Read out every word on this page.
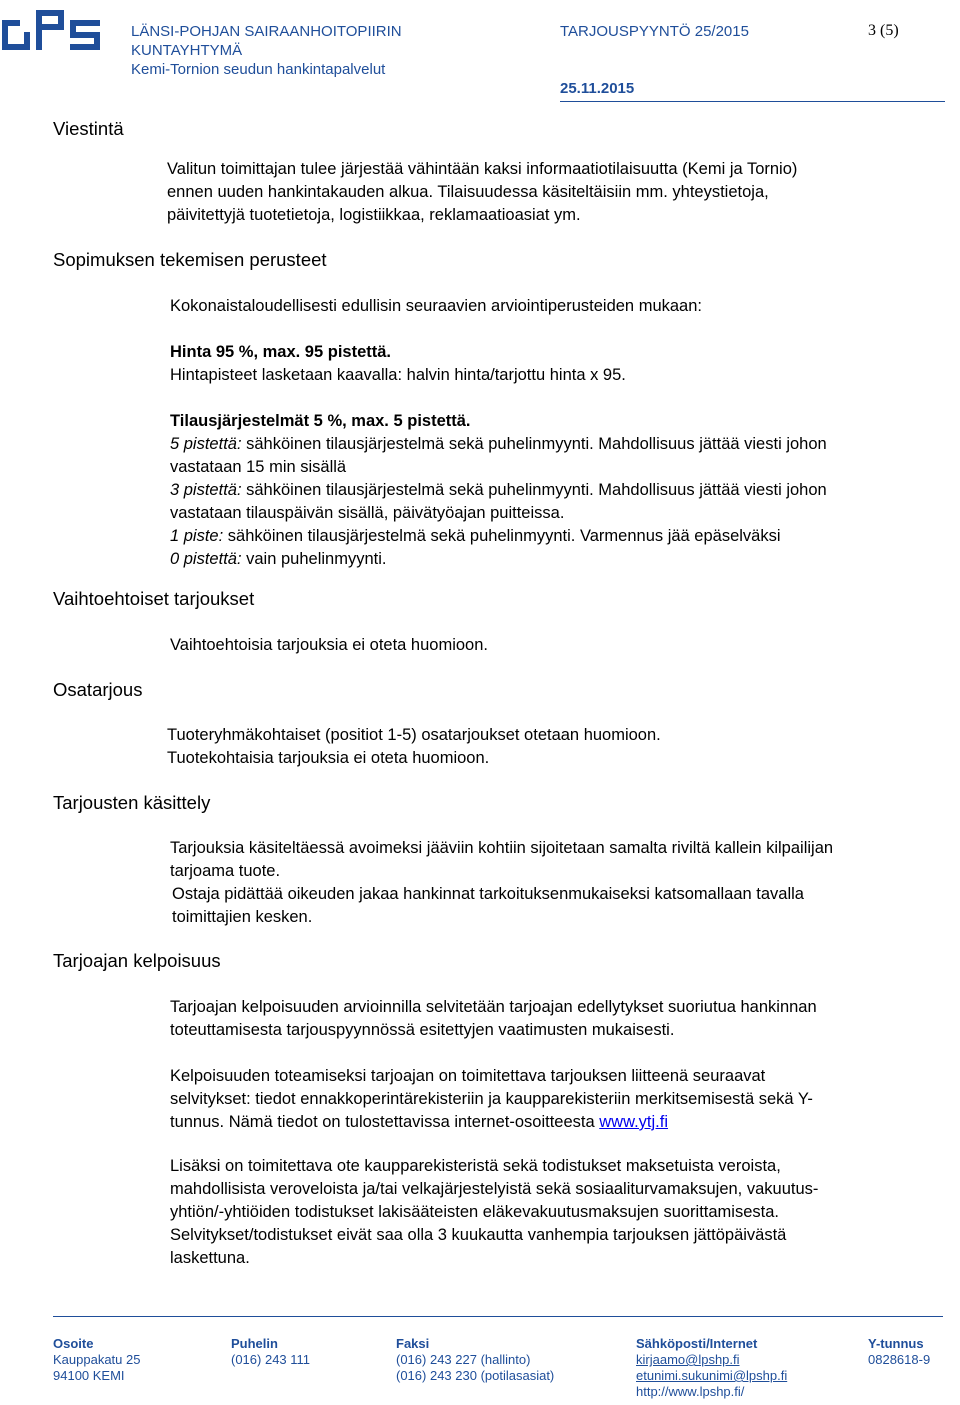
LÄNSI-POHJAN SAIRAANHOITOPIIRIN
KUNTAYHTYMÄ
Kemi-Tornion seudun hankintapalvelut
TARJOUSPYYNTÖ 25/2015	3 (5)
25.11.2015
Viestintä
Valitun toimittajan tulee järjestää vähintään kaksi informaatiotilaisuutta (Kemi ja Tornio)
ennen uuden hankintakauden alkua. Tilaisuudessa käsiteltäisiin mm. yhteystietoja,
päivitettyjä tuotetietoja, logistiikkaa, reklamaatioasiat ym.
Sopimuksen tekemisen perusteet
Kokonaistaloudellisesti edullisin seuraavien arviointiperusteiden mukaan:
Hinta 95 %, max. 95 pistettä.
Hintapisteet lasketaan kaavalla: halvin hinta/tarjottu hinta x 95.
Tilausjärjestelmät 5 %, max. 5 pistettä.
5 pistettä: sähköinen tilausjärjestelmä sekä puhelinmyynti. Mahdollisuus jättää viesti johon
vastataan 15 min sisällä
3 pistettä: sähköinen tilausjärjestelmä sekä puhelinmyynti. Mahdollisuus jättää viesti johon
vastataan tilauspäivän sisällä, päivätyöajan puitteissa.
1 piste: sähköinen tilausjärjestelmä sekä puhelinmyynti. Varmennus jää epäselväksi
0 pistettä: vain puhelinmyynti.
Vaihtoehtoiset tarjoukset
Vaihtoehtoisia tarjouksia ei oteta huomioon.
Osatarjous
Tuoteryhmäkohtaiset (positiot 1-5) osatarjoukset otetaan huomioon.
Tuotekohtaisia tarjouksia ei oteta huomioon.
Tarjousten käsittely
Tarjouksia käsiteltäessä avoimeksi jääviin kohtiin sijoitetaan samalta riviltä kallein kilpailijan
tarjoama tuote.
Ostaja pidättää oikeuden jakaa hankinnat tarkoituksenmukaiseksi katsomallaan tavalla
toimittajien kesken.
Tarjoajan kelpoisuus
Tarjoajan kelpoisuuden arvioinnilla selvitetään tarjoajan edellytykset suoriutua hankinnan
toteuttamisesta tarjouspyynnössä esitettyjen vaatimusten mukaisesti.
Kelpoisuuden toteamiseksi tarjoajan on toimitettava tarjouksen liitteenä seuraavat
selvitykset: tiedot ennakkoperintärekisteriin ja kaupparekisteriin merkitsemisestä sekä Y-
tunnus. Nämä tiedot on tulostettavissa internet-osoitteesta www.ytj.fi
Lisäksi on toimitettava ote kaupparekisteristä sekä todistukset maksetuista veroista,
mahdollisista veroveloista ja/tai velkajärjestelyistä sekä sosiaaliturvamaksujen, vakuutus-
yhtiön/-yhtiöiden todistukset lakisääteisten eläkevakuutusmaksujen suorittamisesta.
Selvitykset/todistukset eivät saa olla 3 kuukautta vanhempia tarjouksen jättöpäivästä
laskettuna.
Osoite
Kauppakatu 25
94100 KEMI
Puhelin
(016) 243 111
Faksi
(016) 243 227 (hallinto)
(016) 243 230 (potilasasiat)
Sähköposti/Internet
kirjaamo@lpshp.fi
etunimi.sukunimi@lpshp.fi
http://www.lpshp.fi/
Y-tunnus
0828618-9
